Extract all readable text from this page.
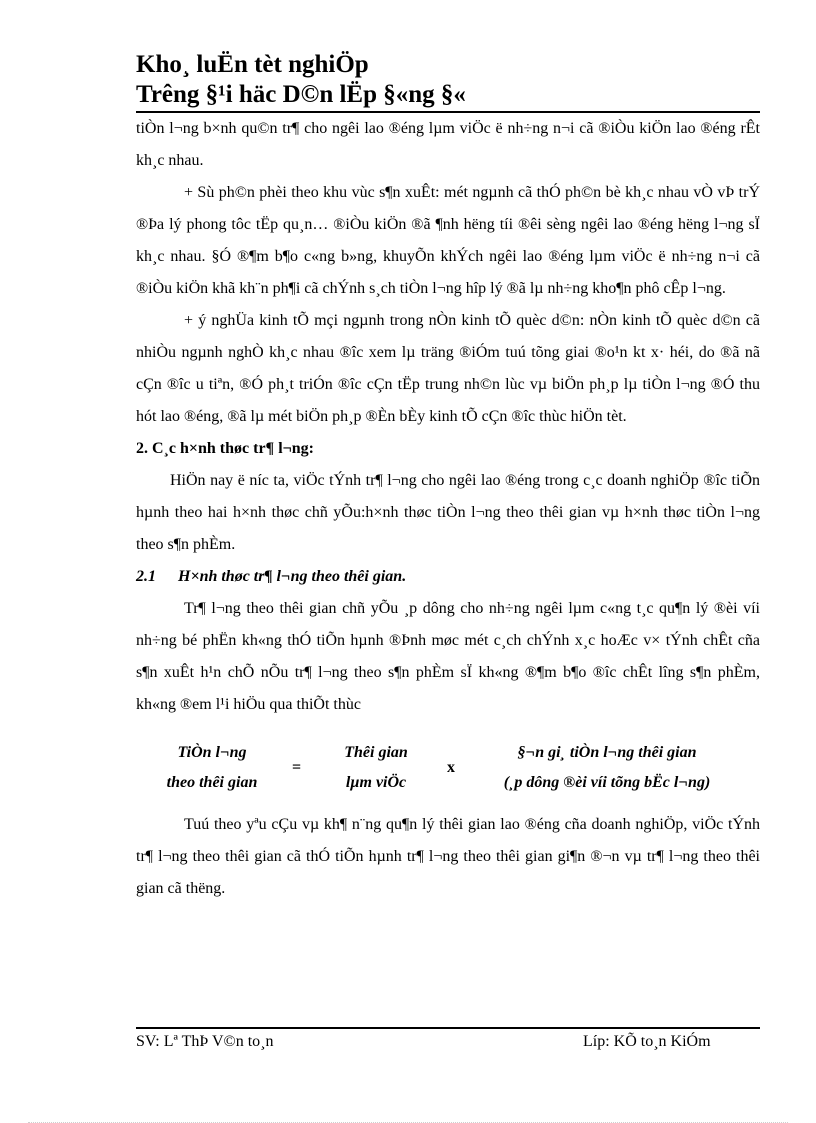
Kho¸ luËn tèt nghiÖp
Trêng §¹i häc D©n lËp §«ng §«

tiÒn l¬ng b×nh qu©n tr¶ cho ngêi lao ®éng lµm viÖc ë nh÷ng n¬i cã ®iÒu kiÖn lao ®éng rÊt kh¸c nhau.

+ Sù ph©n phèi theo khu vùc s¶n xuÊt: mét ngµnh cã thÓ ph©n bè kh¸c nhau vÒ vÞ trÝ ®Þa lý phong tôc tËp qu¸n… ®iÒu kiÖn ®ã ¶nh hëng tíi ®êi sèng ngêi lao ®éng hëng l¬ng sÏ kh¸c nhau. §Ó ®¶m b¶o c«ng b»ng, khuyÕn khÝch ngêi lao ®éng lµm viÖc ë nh÷ng n¬i cã ®iÒu kiÖn khã kh¨n ph¶i cã chÝnh s¸ch tiÒn l¬ng hîp lý ®ã lµ nh÷ng kho¶n phô cÊp l¬ng.

+ ý nghÜa kinh tÕ mçi ngµnh trong nÒn kinh tÕ quèc d©n: nÒn kinh tÕ quèc d©n cã nhiÒu ngµnh nghÒ kh¸c nhau ®îc xem lµ träng ®iÓm tuú tõng giai ®o¹n kt x· héi, do ®ã nã cÇn ®îc u tiªn, ®Ó ph¸t triÓn ®îc cÇn tËp trung nh©n lùc vµ biÖn ph¸p lµ tiÒn l¬ng ®Ó thu hót lao ®éng, ®ã lµ mét biÖn ph¸p ®Èn bÈy kinh tÕ cÇn ®îc thùc hiÖn tèt.

2. C¸c h×nh thøc tr¶ l¬ng:

HiÖn nay ë níc ta, viÖc tÝnh tr¶ l¬ng cho ngêi lao ®éng trong c¸c doanh nghiÖp ®îc tiÕn hµnh theo hai h×nh thøc chñ yÕu:h×nh thøc tiÒn l¬ng theo thêi gian vµ h×nh thøc tiÒn l¬ng theo s¶n phÈm.

2.1 H×nh thøc tr¶ l¬ng theo thêi gian.

Tr¶ l¬ng theo thêi gian chñ yÕu ¸p dông cho nh÷ng ngêi lµm c«ng t¸c qu¶n lý ®èi víi nh÷ng bé phËn kh«ng thÓ tiÕn hµnh ®Þnh møc mét c¸ch chÝnh x¸c hoÆc v× tÝnh chÊt cña s¶n xuÊt h¹n chÕ nÕu tr¶ l¬ng theo s¶n phÈm sÏ kh«ng ®¶m b¶o ®îc chÊt lîng s¶n phÈm, kh«ng ®em l¹i hiÖu qua thiÕt thùc

TiÒn l¬ng
theo thêi gian
=
Thêi gian
lµm viÖc
x
§¬n gi¸ tiÒn l¬ng thêi gian
(¸p dông ®èi víi tõng bËc l¬ng)

Tuú theo yªu cÇu vµ kh¶ n¨ng qu¶n lý thêi gian lao ®éng cña doanh nghiÖp, viÖc tÝnh tr¶ l¬ng theo thêi gian cã thÓ tiÕn hµnh tr¶ l¬ng theo thêi gian gi¶n ®¬n vµ tr¶ l¬ng theo thêi gian cã thëng.

SV: Lª ThÞ V©n to¸n	Líp: KÕ to¸n KiÓm
